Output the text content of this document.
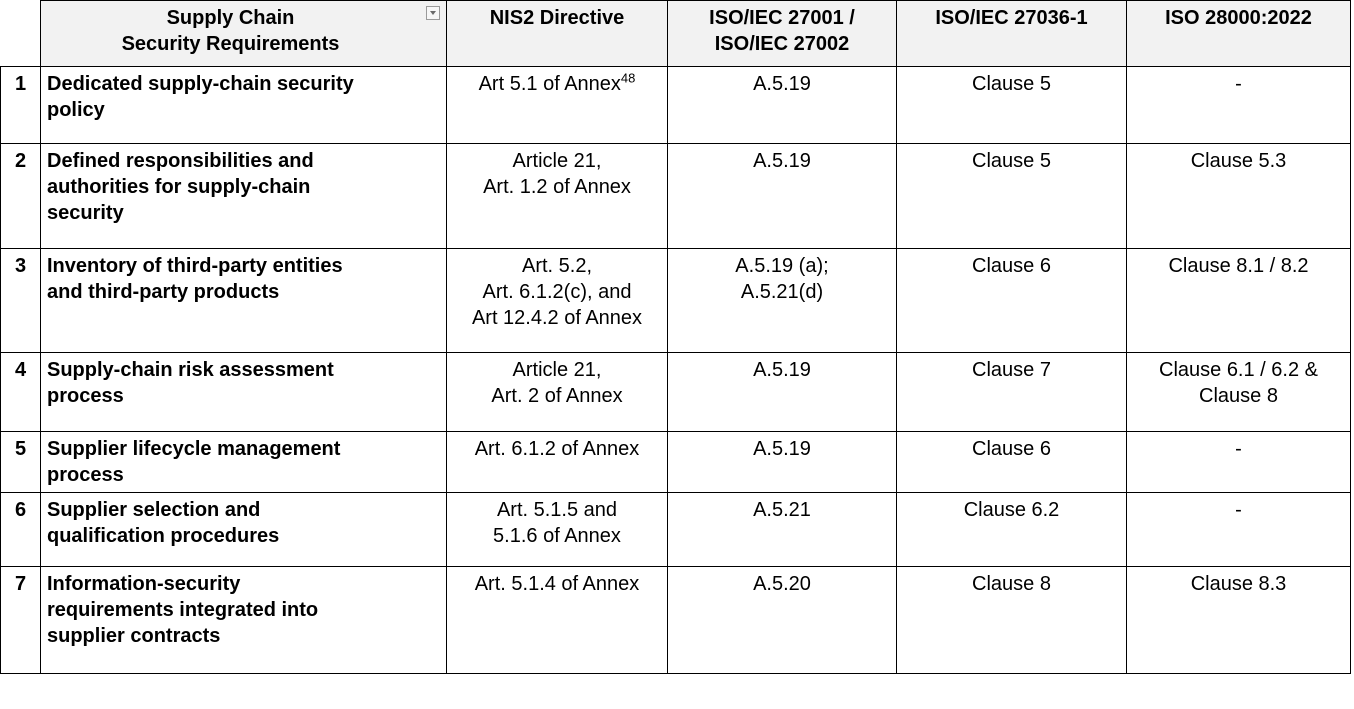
	Supply Chain
Security Requirements	NIS2 Directive	ISO/IEC 27001 /
ISO/IEC 27002	ISO/IEC 27036-1	ISO 28000:2022
1	Dedicated supply-chain security
policy	Art 5.1 of Annex$^{48}$	A.5.19	Clause 5	-

2	Defined responsibilities and
authorities for supply-chain
security	Article 21,
Art. 1.2 of Annex	A.5.19	Clause 5	Clause 5.3

3	Inventory of third-party entities
and third-party products	Art. 5.2,
Art. 6.1.2(c), and
Art 12.4.2 of Annex	A.5.19 (a);
A.5.21(d)	Clause 6	Clause 8.1 / 8.2

4	Supply-chain risk assessment
process	Article 21,
Art. 2 of Annex	A.5.19	Clause 7	Clause 6.1 / 6.2 &
Clause 8

5	Supplier lifecycle management
process	Art. 6.1.2 of Annex	A.5.19	Clause 6	-

6	Supplier selection and
qualification procedures	Art. 5.1.5 and
5.1.6 of Annex	A.5.21	Clause 6.2	-

7	Information-security
requirements integrated into
supplier contracts	Art. 5.1.4 of Annex	A.5.20	Clause 8	Clause 8.3
